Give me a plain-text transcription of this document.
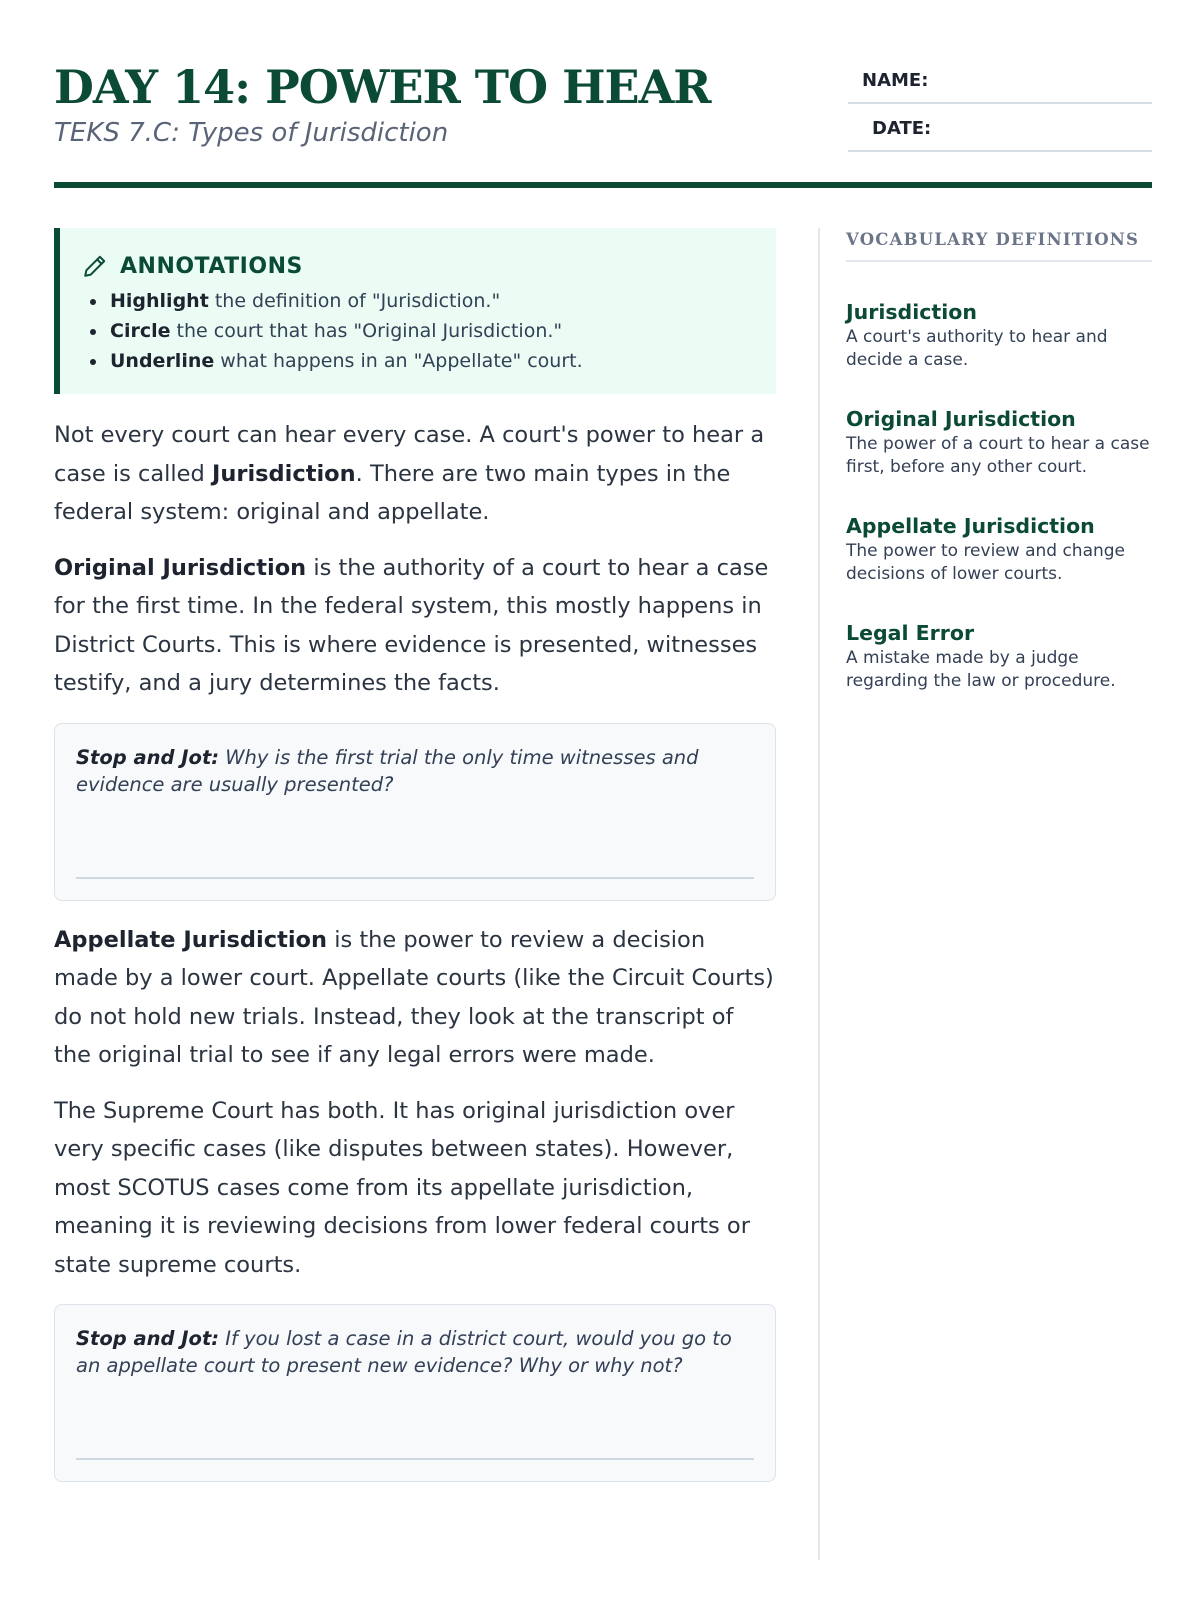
DAY 14: POWER TO HEAR
TEKS 7.C: Types of Jurisdiction
NAME:
DATE:
ANNOTATIONS
Highlight the definition of "Jurisdiction."
Circle the court that has "Original Jurisdiction."
Underline what happens in an "Appellate" court.

Not every court can hear every case. A court's power to hear a case is called Jurisdiction. There are two main types in the federal system: original and appellate.

Original Jurisdiction is the authority of a court to hear a case for the first time. In the federal system, this mostly happens in District Courts. This is where evidence is presented, witnesses testify, and a jury determines the facts.

Stop and Jot: Why is the first trial the only time witnesses and evidence are usually presented?

Appellate Jurisdiction is the power to review a decision made by a lower court. Appellate courts (like the Circuit Courts) do not hold new trials. Instead, they look at the transcript of the original trial to see if any legal errors were made.

The Supreme Court has both. It has original jurisdiction over very specific cases (like disputes between states). However, most SCOTUS cases come from its appellate jurisdiction, meaning it is reviewing decisions from lower federal courts or state supreme courts.

Stop and Jot: If you lost a case in a district court, would you go to an appellate court to present new evidence? Why or why not?

VOCABULARY DEFINITIONS
Jurisdiction
A court's authority to hear and decide a case.
Original Jurisdiction
The power of a court to hear a case first, before any other court.
Appellate Jurisdiction
The power to review and change decisions of lower courts.
Legal Error
A mistake made by a judge regarding the law or procedure.
